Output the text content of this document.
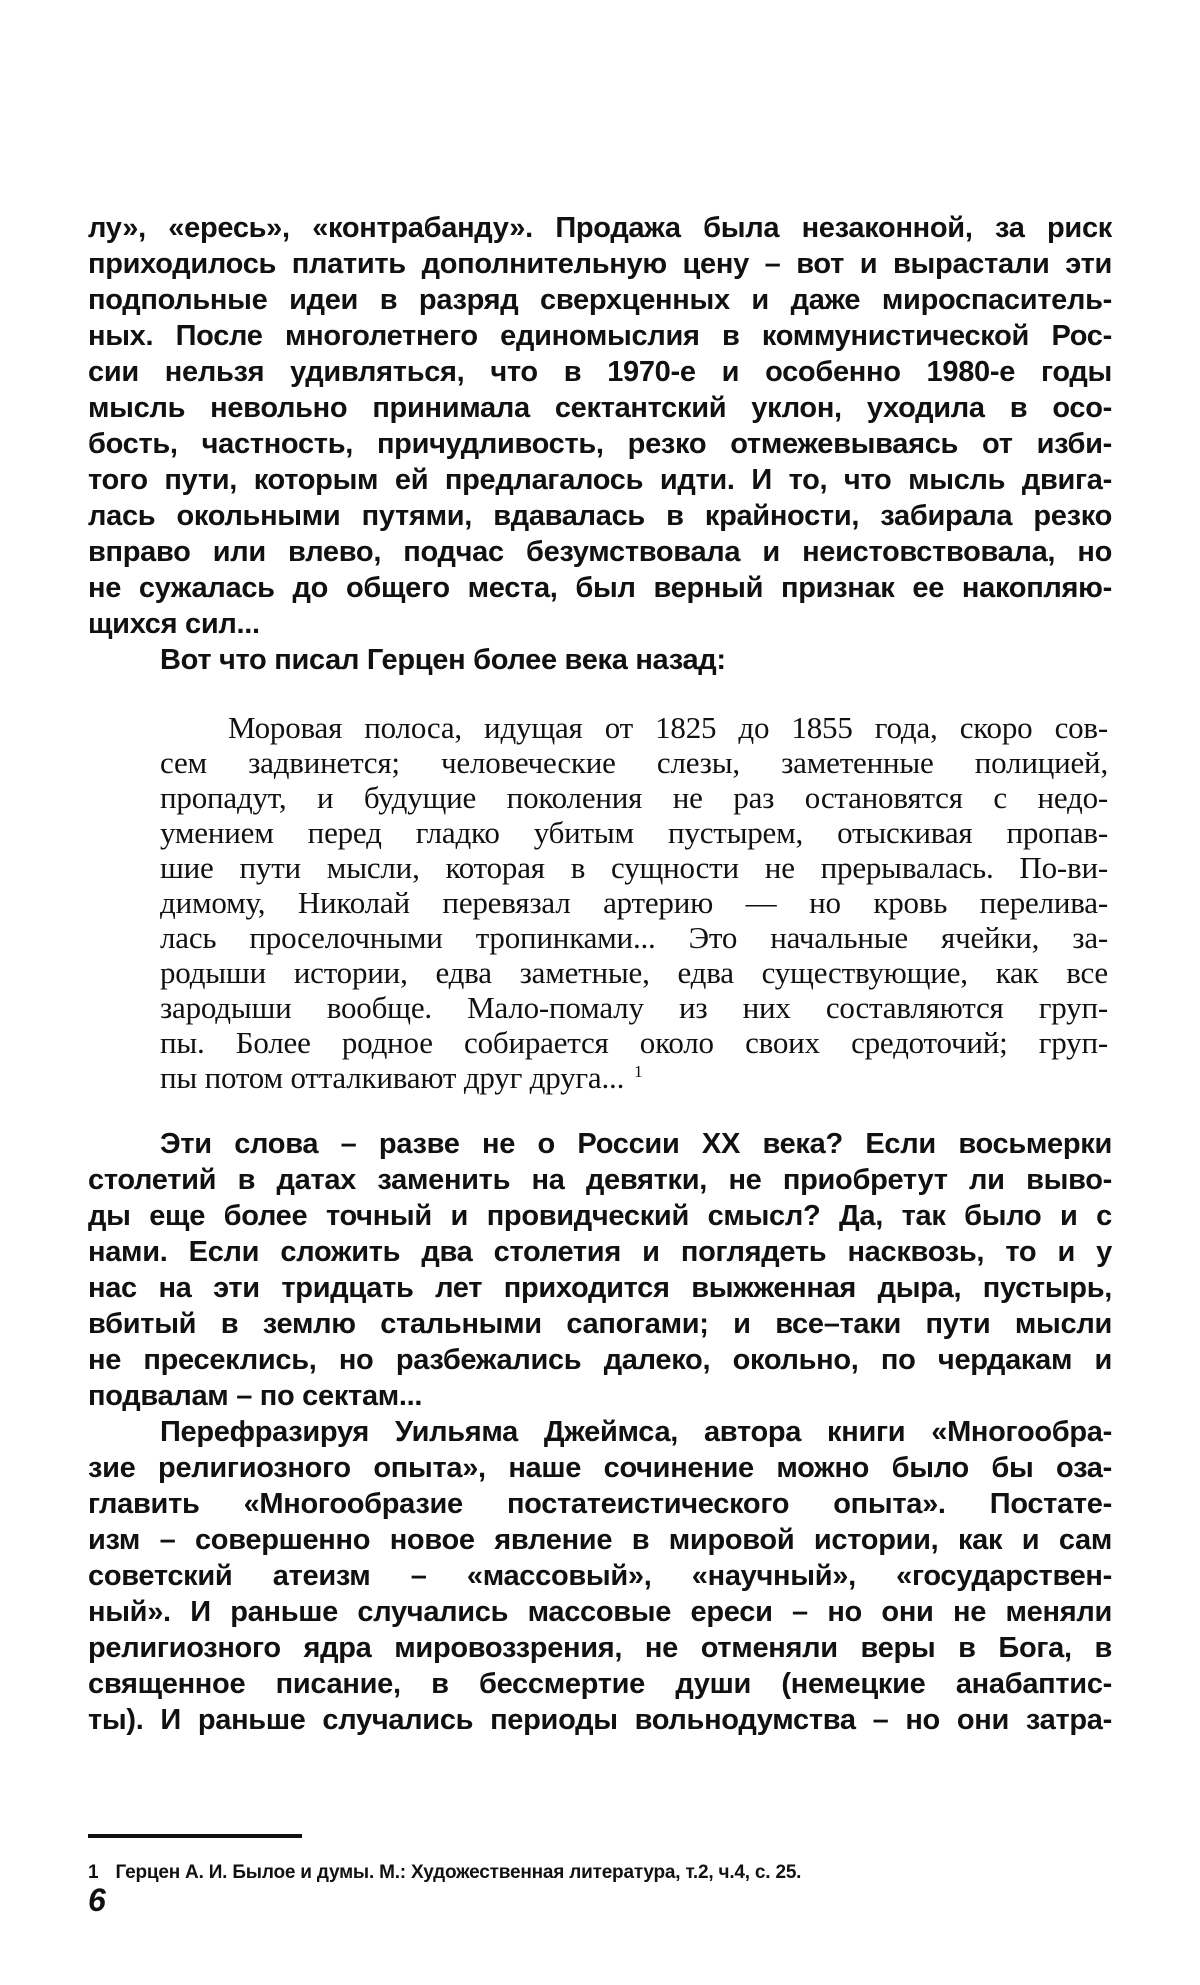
лу», «ересь», «контрабанду». Продажа была незаконной, за риск
приходилось платить дополнительную цену – вот и вырастали эти
подпольные идеи в разряд сверхценных и даже мироспаситель-
ных. После многолетнего единомыслия в коммунистической Рос-
сии нельзя удивляться, что в 1970-е и особенно 1980-е годы
мысль невольно принимала сектантский уклон, уходила в осо-
бость, частность, причудливость, резко отмежевываясь от изби-
того пути, которым ей предлагалось идти. И то, что мысль двига-
лась окольными путями, вдавалась в крайности, забирала резко
вправо или влево, подчас безумствовала и неистовствовала, но
не сужалась до общего места, был верный признак ее накопляю-
щихся сил...
Вот что писал Герцен более века назад:
Моровая полоса, идущая от 1825 до 1855 года, скоро сов-
сем задвинется; человеческие слезы, заметенные полицией,
пропадут, и будущие поколения не раз остановятся с недо-
умением перед гладко убитым пустырем, отыскивая пропав-
шие пути мысли, которая в сущности не прерывалась. По-ви-
димому, Николай перевязал артерию — но кровь перелива-
лась проселочными тропинками... Это начальные ячейки, за-
родыши истории, едва заметные, едва существующие, как все
зародыши вообще. Мало-помалу из них составляются груп-
пы. Более родное собирается около своих средоточий; груп-
пы потом отталкивают друг друга... $^1$
Эти слова – разве не о России XX века? Если восьмерки
столетий в датах заменить на девятки, не приобретут ли выво-
ды еще более точный и провидческий смысл? Да, так было и с
нами. Если сложить два столетия и поглядеть насквозь, то и у
нас на эти тридцать лет приходится выжженная дыра, пустырь,
вбитый в землю стальными сапогами; и все–таки пути мысли
не пресеклись, но разбежались далеко, окольно, по чердакам и
подвалам – по сектам...
Перефразируя Уильяма Джеймса, автора книги «Многообра-
зие религиозного опыта», наше сочинение можно было бы оза-
главить «Многообразие постатеистического опыта». Постате-
изм – совершенно новое явление в мировой истории, как и сам
советский атеизм – «массовый», «научный», «государствен-
ный». И раньше случались массовые ереси – но они не меняли
религиозного ядра мировоззрения, не отменяли веры в Бога, в
священное писание, в бессмертие души (немецкие анабаптис-
ты). И раньше случались периоды вольнодумства – но они затра-
1 Герцен А. И. Былое и думы. М.: Художественная литература, т.2, ч.4, с. 25.
6
